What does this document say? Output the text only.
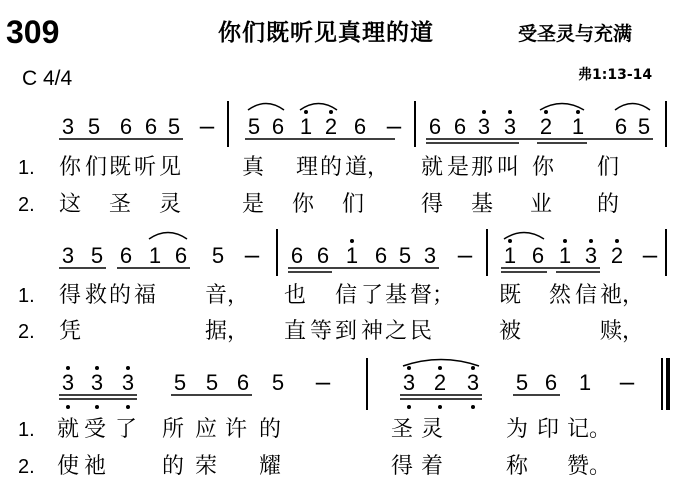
309	你们既听见真理的道	受圣灵与充满
C 4/4	弗1:13-14
3 5 6 6 5 – 5 6 1 2 6 – 6 6 3 3 2 1 6 5
3 5 6 1 6 5 – 6 6 1 6 5 3 – 1 6 1 3 2 –
3 3 3 5 5 6 5 –	3 2 3 5 6 1 –
1. 你 们 既 听 见	真 理 的 道， 就 是 那 叫 你 们
2. 这 圣 灵	是 你 们	得 基 业 的
1. 得 救 的 福 音， 也 信 了 基 督； 既 然 信 祂，
2. 凭	据， 直 等 到 神 之 民	被	赎，
1. 就 受 了 所 应 许 的	圣 灵	为 印 记。
2. 使 祂	的 荣 耀	得 着	称 赞。
